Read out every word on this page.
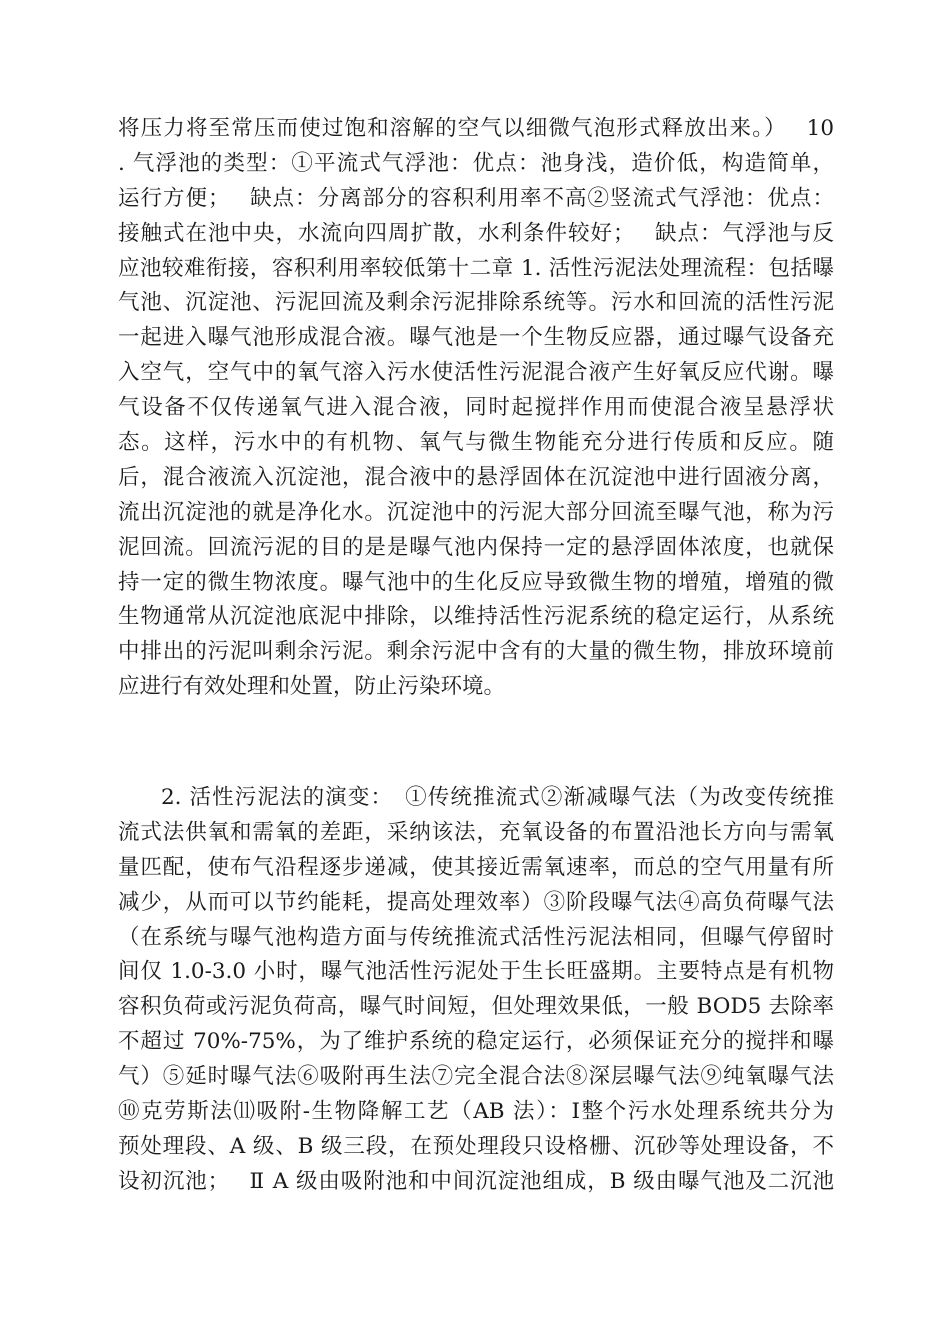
将压力将至常压而使过饱和溶解的空气以细微气泡形式释放出来。）　 10
. 气浮池的类型：①平流式气浮池：优点：池身浅，造价低，构造简单，
运行方便；　 缺点：分离部分的容积利用率不高②竖流式气浮池：优点：
接触式在池中央，水流向四周扩散，水利条件较好；　 缺点：气浮池与反
应池较难衔接，容积利用率较低第十二章 1. 活性污泥法处理流程：包括曝
气池、沉淀池、污泥回流及剩余污泥排除系统等。污水和回流的活性污泥
一起进入曝气池形成混合液。曝气池是一个生物反应器，通过曝气设备充
入空气，空气中的氧气溶入污水使活性污泥混合液产生好氧反应代谢。曝
气设备不仅传递氧气进入混合液，同时起搅拌作用而使混合液呈悬浮状
态。这样，污水中的有机物、氧气与微生物能充分进行传质和反应。随
后，混合液流入沉淀池，混合液中的悬浮固体在沉淀池中进行固液分离，
流出沉淀池的就是净化水。沉淀池中的污泥大部分回流至曝气池，称为污
泥回流。回流污泥的目的是是曝气池内保持一定的悬浮固体浓度，也就保
持一定的微生物浓度。曝气池中的生化反应导致微生物的增殖，增殖的微
生物通常从沉淀池底泥中排除，以维持活性污泥系统的稳定运行，从系统
中排出的污泥叫剩余污泥。剩余污泥中含有的大量的微生物，排放环境前
应进行有效处理和处置，防止污染环境。
2. 活性污泥法的演变：　①传统推流式②渐减曝气法（为改变传统推
流式法供氧和需氧的差距，采纳该法，充氧设备的布置沿池长方向与需氧
量匹配，使布气沿程逐步递减，使其接近需氧速率，而总的空气用量有所
减少，从而可以节约能耗，提高处理效率）③阶段曝气法④高负荷曝气法
（在系统与曝气池构造方面与传统推流式活性污泥法相同，但曝气停留时
间仅 1.0-3.0 小时，曝气池活性污泥处于生长旺盛期。主要特点是有机物
容积负荷或污泥负荷高，曝气时间短，但处理效果低，一般 BOD5 去除率
不超过 70%-75%，为了维护系统的稳定运行，必须保证充分的搅拌和曝
气）⑤延时曝气法⑥吸附再生法⑦完全混合法⑧深层曝气法⑨纯氧曝气法
⑩克劳斯法⑾吸附-生物降解工艺（AB 法）：Ⅰ整个污水处理系统共分为
预处理段、A 级、B 级三段，在预处理段只设格栅、沉砂等处理设备，不
设初沉池；　 Ⅱ A 级由吸附池和中间沉淀池组成，B 级由曝气池及二沉池
